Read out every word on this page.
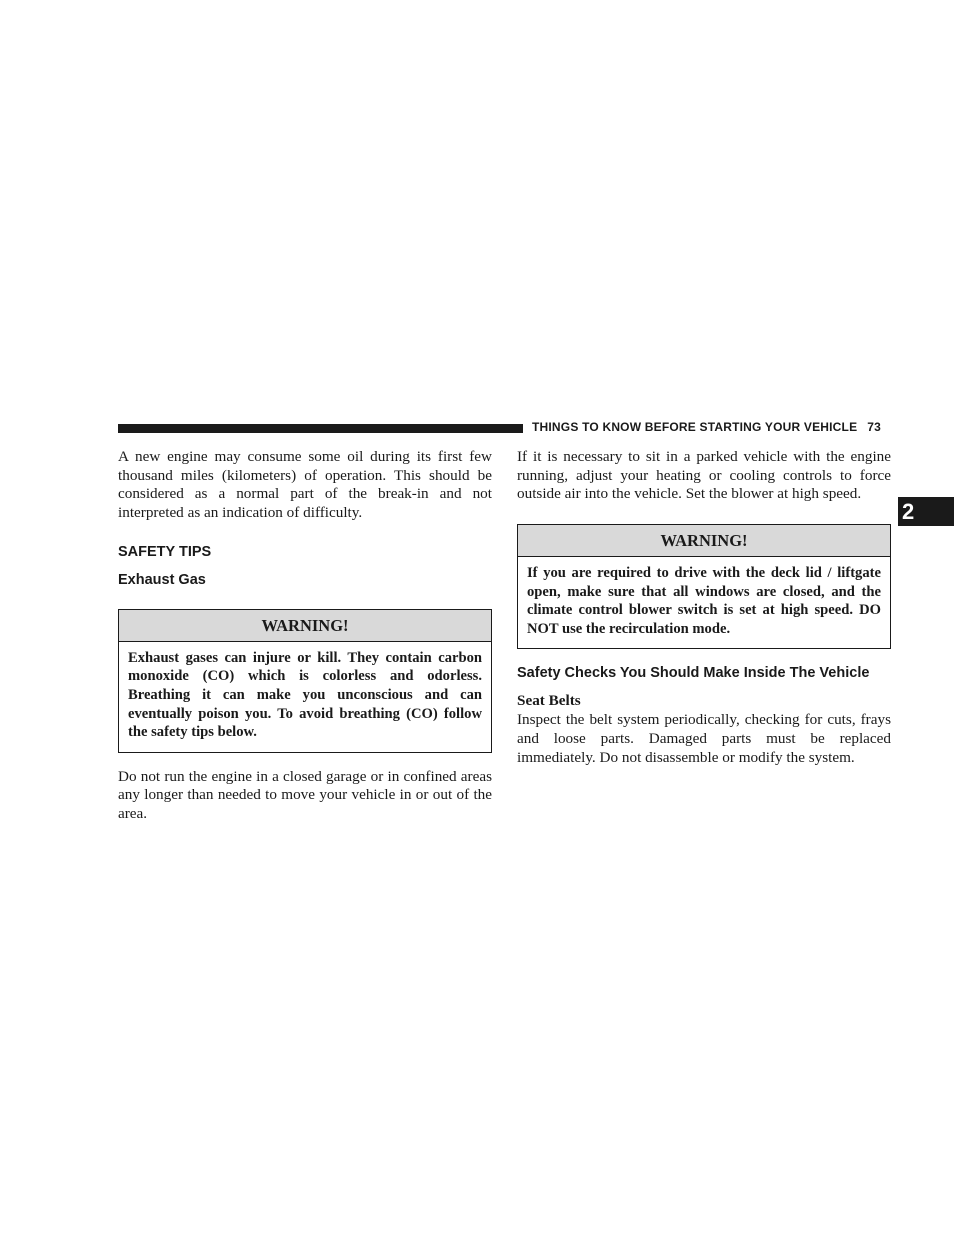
THINGS TO KNOW BEFORE STARTING YOUR VEHICLE 73
2

A new engine may consume some oil during its first few thousand miles (kilometers) of operation. This should be considered as a normal part of the break-in and not interpreted as an indication of difficulty.

SAFETY TIPS
Exhaust Gas
WARNING!
Exhaust gases can injure or kill. They contain carbon monoxide (CO) which is colorless and odorless. Breathing it can make you unconscious and can eventually poison you. To avoid breathing (CO) follow the safety tips below.

Do not run the engine in a closed garage or in confined areas any longer than needed to move your vehicle in or out of the area.

If it is necessary to sit in a parked vehicle with the engine running, adjust your heating or cooling controls to force outside air into the vehicle. Set the blower at high speed.

WARNING!
If you are required to drive with the deck lid / liftgate open, make sure that all windows are closed, and the climate control blower switch is set at high speed. DO NOT use the recirculation mode.
Safety Checks You Should Make Inside The Vehicle
Seat Belts

Inspect the belt system periodically, checking for cuts, frays and loose parts. Damaged parts must be replaced immediately. Do not disassemble or modify the system.
